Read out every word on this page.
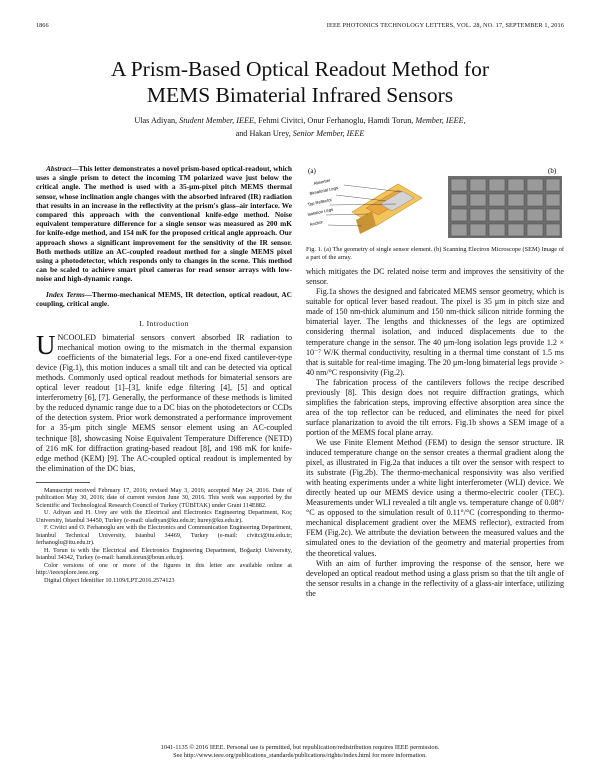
1866	IEEE PHOTONICS TECHNOLOGY LETTERS, VOL. 28, NO. 17, SEPTEMBER 1, 2016
A Prism-Based Optical Readout Method for
MEMS Bimaterial Infrared Sensors
Ulas Adiyan, Student Member, IEEE, Fehmi Civitci, Onur Ferhanoglu, Hamdi Torun, Member, IEEE,
and Hakan Urey, Senior Member, IEEE

Abstract—This letter demonstrates a novel prism-based optical-readout, which uses a single prism to detect the incoming TM polarized wave just below the critical angle. The method is used with a 35-μm-pixel pitch MEMS thermal sensor, whose inclination angle changes with the absorbed infrared (IR) radiation that results in an increase in the reflectivity at the prism's glass–air interface. We compared this approach with the conventional knife-edge method. Noise equivalent temperature difference for a single sensor was measured as 200 mK for knife-edge method, and 154 mK for the proposed critical angle approach. Our approach shows a significant improvement for the sensitivity of the IR sensor. Both methods utilize an AC-coupled readout method for a single MEMS pixel using a photodetector, which responds only to changes in the scene. This method can be scaled to achieve smart pixel cameras for read sensor arrays with low-noise and high-dynamic range.

Index Terms—Thermo-mechanical MEMS, IR detection, optical readout, AC coupling, critical angle.

I. Introduction

UNCOOLED bimaterial sensors convert absorbed IR radiation to mechanical motion owing to the mismatch in the thermal expansion coefficients of the bimaterial legs. For a one-end fixed cantilever-type device (Fig.1), this motion induces a small tilt and can be detected via optical methods. Commonly used optical readout methods for bimaterial sensors are optical lever readout [1]–[3], knife edge filtering [4], [5] and optical interferometry [6], [7]. Generally, the performance of these methods is limited by the reduced dynamic range due to a DC bias on the photodetectors or CCDs of the detection system. Prior work demonstrated a performance improvement for a 35-μm pitch single MEMS sensor element using an AC-coupled technique [8], showcasing Noise Equivalent Temperature Difference (NETD) of 216 mK for diffraction grating-based readout [8], and 198 mK for knife-edge method (KEM) [9]. The AC-coupled optical readout is implemented by the elimination of the DC bias,

Manuscript received February 17, 2016; revised May 3, 2016; accepted May 24, 2016. Date of publication May 30, 2016; date of current version June 30, 2016. This work was supported by the Scientific and Technological Research Council of Turkey (TÜBİTAK) under Grant 114E882.

U. Adiyan and H. Urey are with the Electrical and Electronics Engineering Department, Koç University, Istanbul 34450, Turkey (e-mail: uladiyan@ku.edu.tr; hurey@ku.edu.tr).

F. Civitci and O. Ferhanoglu are with the Electronics and Communication Engineering Department, Istanbul Technical University, Istanbul 34469, Turkey (e-mail: civitci@itu.edu.tr; ferhanoglu@itu.edu.tr).

H. Torun is with the Electrical and Electronics Engineering Department, Boğaziçi University, Istanbul 34342, Turkey (e-mail: hamdi.torun@boun.edu.tr).

Color versions of one or more of the figures in this letter are available online at http://ieeexplore.ieee.org.

Digital Object Identifier 10.1109/LPT.2016.2574123

(a)
Absorber
Bimaterial Legs
Top Reflector
Isolation Legs
Anchor
(b)

Fig. 1. (a) The geometry of single sensor element. (b) Scanning Electron Microscope (SEM) Image of a part of the array.

which mitigates the DC related noise term and improves the sensitivity of the sensor.

Fig.1a shows the designed and fabricated MEMS sensor geometry, which is suitable for optical lever based readout. The pixel is 35 μm in pitch size and made of 150 nm-thick aluminum and 150 nm-thick silicon nitride forming the bimaterial layer. The lengths and thicknesses of the legs are optimized considering thermal isolation, and induced displacements due to the temperature change in the sensor. The 40 μm-long isolation legs provide 1.2 × 10⁻⁷ W/K thermal conductivity, resulting in a thermal time constant of 1.5 ms that is suitable for real-time imaging. The 20 μm-long bimaterial legs provide > 40 nm/°C responsivity (Fig.2).

The fabrication process of the cantilevers follows the recipe described previously [8]. This design does not require diffraction gratings, which simplifies the fabrication steps, improving effective absorption area since the area of the top reflector can be reduced, and eliminates the need for pixel surface planarization to avoid the tilt errors. Fig.1b shows a SEM image of a portion of the MEMS focal plane array.

We use Finite Element Method (FEM) to design the sensor structure. IR induced temperature change on the sensor creates a thermal gradient along the pixel, as illustrated in Fig.2a that induces a tilt over the sensor with respect to its substrate (Fig.2b). The thermo-mechanical responsivity was also verified with heating experiments under a white light interferometer (WLI) device. We directly heated up our MEMS device using a thermo-electric cooler (TEC). Measurements under WLI revealed a tilt angle vs. temperature change of 0.08°/°C as opposed to the simulation result of 0.11°/°C (corresponding to thermo-mechanical displacement gradient over the MEMS reflector), extracted from FEM (Fig.2c). We attribute the deviation between the measured values and the simulated ones to the deviation of the geometry and material properties from the theoretical values.

With an aim of further improving the response of the sensor, here we developed an optical readout method using a glass prism so that the tilt angle of the sensor results in a change in the reflectivity of a glass-air interface, utilizing the

1041-1135 © 2016 IEEE. Personal use is permitted, but republication/redistribution requires IEEE permission.
See http://www.ieee.org/publications_standards/publications/rights/index.html for more information.
